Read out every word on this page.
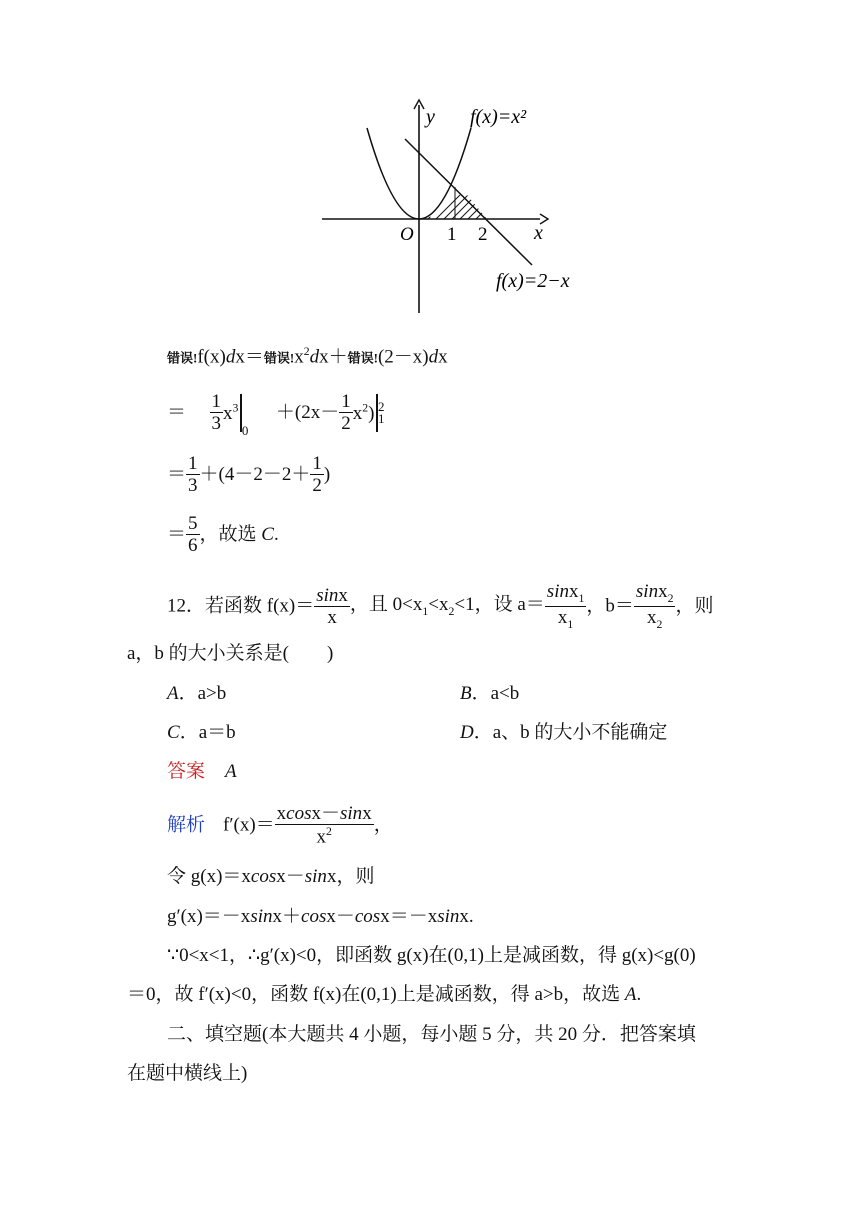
y
x
O 1 2
f(x)=x²
f(x)=2−x
错误!f(x)dx＝错误$!x^2dx+$错误!(2－x)dx
＝ $\frac{1}{3} x^3_0 +(2x- \frac{1}{2} x^2)$ 2
1
＝ $\frac{1}{3} +(4-2-2+ \frac{1}{2}$ )
＝ $\frac{5}{6}$ ，故选 C.
12．若函数 $f(x)= \frac{\sin x}{x}$ ，且 $0<x_1<x_2<1$，设 $a= \frac{\sin x_1}{x_1}$ ，$b= \frac{\sin x_2}{x_2}$ ，则
a，b 的大小关系是(　　)
A．a>b	B．a<b
C．a＝b	D．a、b 的大小不能确定
答案 A
解析 $f'(x)= \frac{xcosx-\sin x}{x^2}$ ，
令 g(x)＝xcosx－sinx，则
g′(x)＝－xsinx＋cosx－cosx＝－xsinx.
∵0<x<1，∴g′(x)<0，即函数 g(x)在(0,1)上是减函数，得 g(x)<g(0)
＝0，故 f′(x)<0，函数 f(x)在(0,1)上是减函数，得 a>b，故选 A.
二、填空题(本大题共 4 小题，每小题 5 分，共 20 分．把答案填
在题中横线上)
